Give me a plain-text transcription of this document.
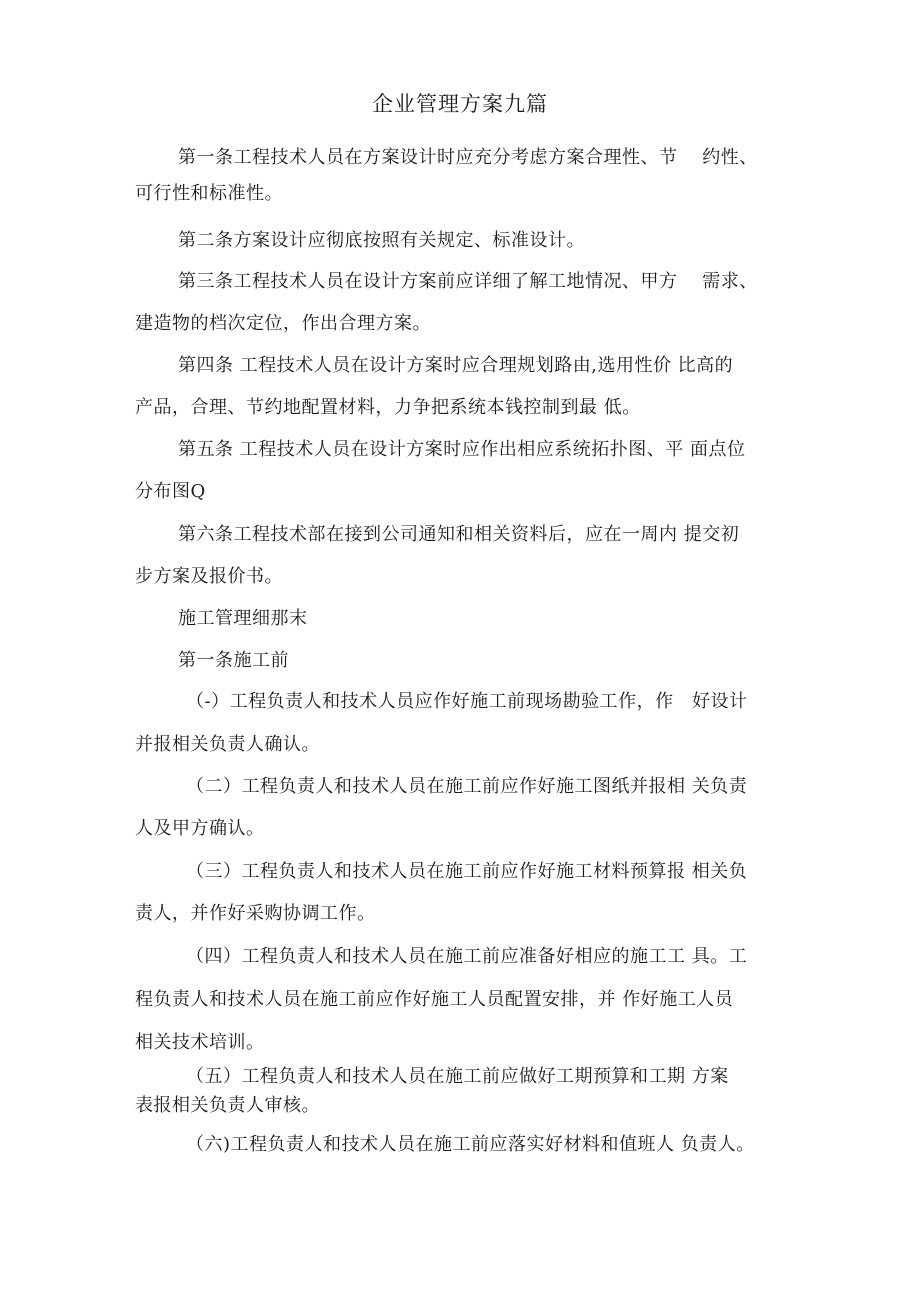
企业管理方案九篇
第一条工程技术人员在方案设计时应充分考虑方案合理性、节　 约性、
可行性和标准性。
第二条方案设计应彻底按照有关规定、标准设计。
第三条工程技术人员在设计方案前应详细了解工地情况、甲方　 需求、
建造物的档次定位，作出合理方案。
第四条 工程技术人员在设计方案时应合理规划路由,选用性价 比高的
产品，合理、节约地配置材料，力争把系统本钱控制到最 低。
第五条 工程技术人员在设计方案时应作出相应系统拓扑图、平 面点位
分布图Q
第六条工程技术部在接到公司通知和相关资料后，应在一周内 提交初
步方案及报价书。
施工管理细那末
第一条施工前
（-）工程负责人和技术人员应作好施工前现场勘验工作，作　好设计
并报相关负责人确认。
（二）工程负责人和技术人员在施工前应作好施工图纸并报相 关负责
人及甲方确认。
（三）工程负责人和技术人员在施工前应作好施工材料预算报 相关负
责人，并作好采购协调工作。
（四）工程负责人和技术人员在施工前应准备好相应的施工工 具。工
程负责人和技术人员在施工前应作好施工人员配置安排，并 作好施工人员
相关技术培训。
（五）工程负责人和技术人员在施工前应做好工期预算和工期 方案
表报相关负责人审核。
（六)工程负责人和技术人员在施工前应落实好材料和值班人 负责人。
